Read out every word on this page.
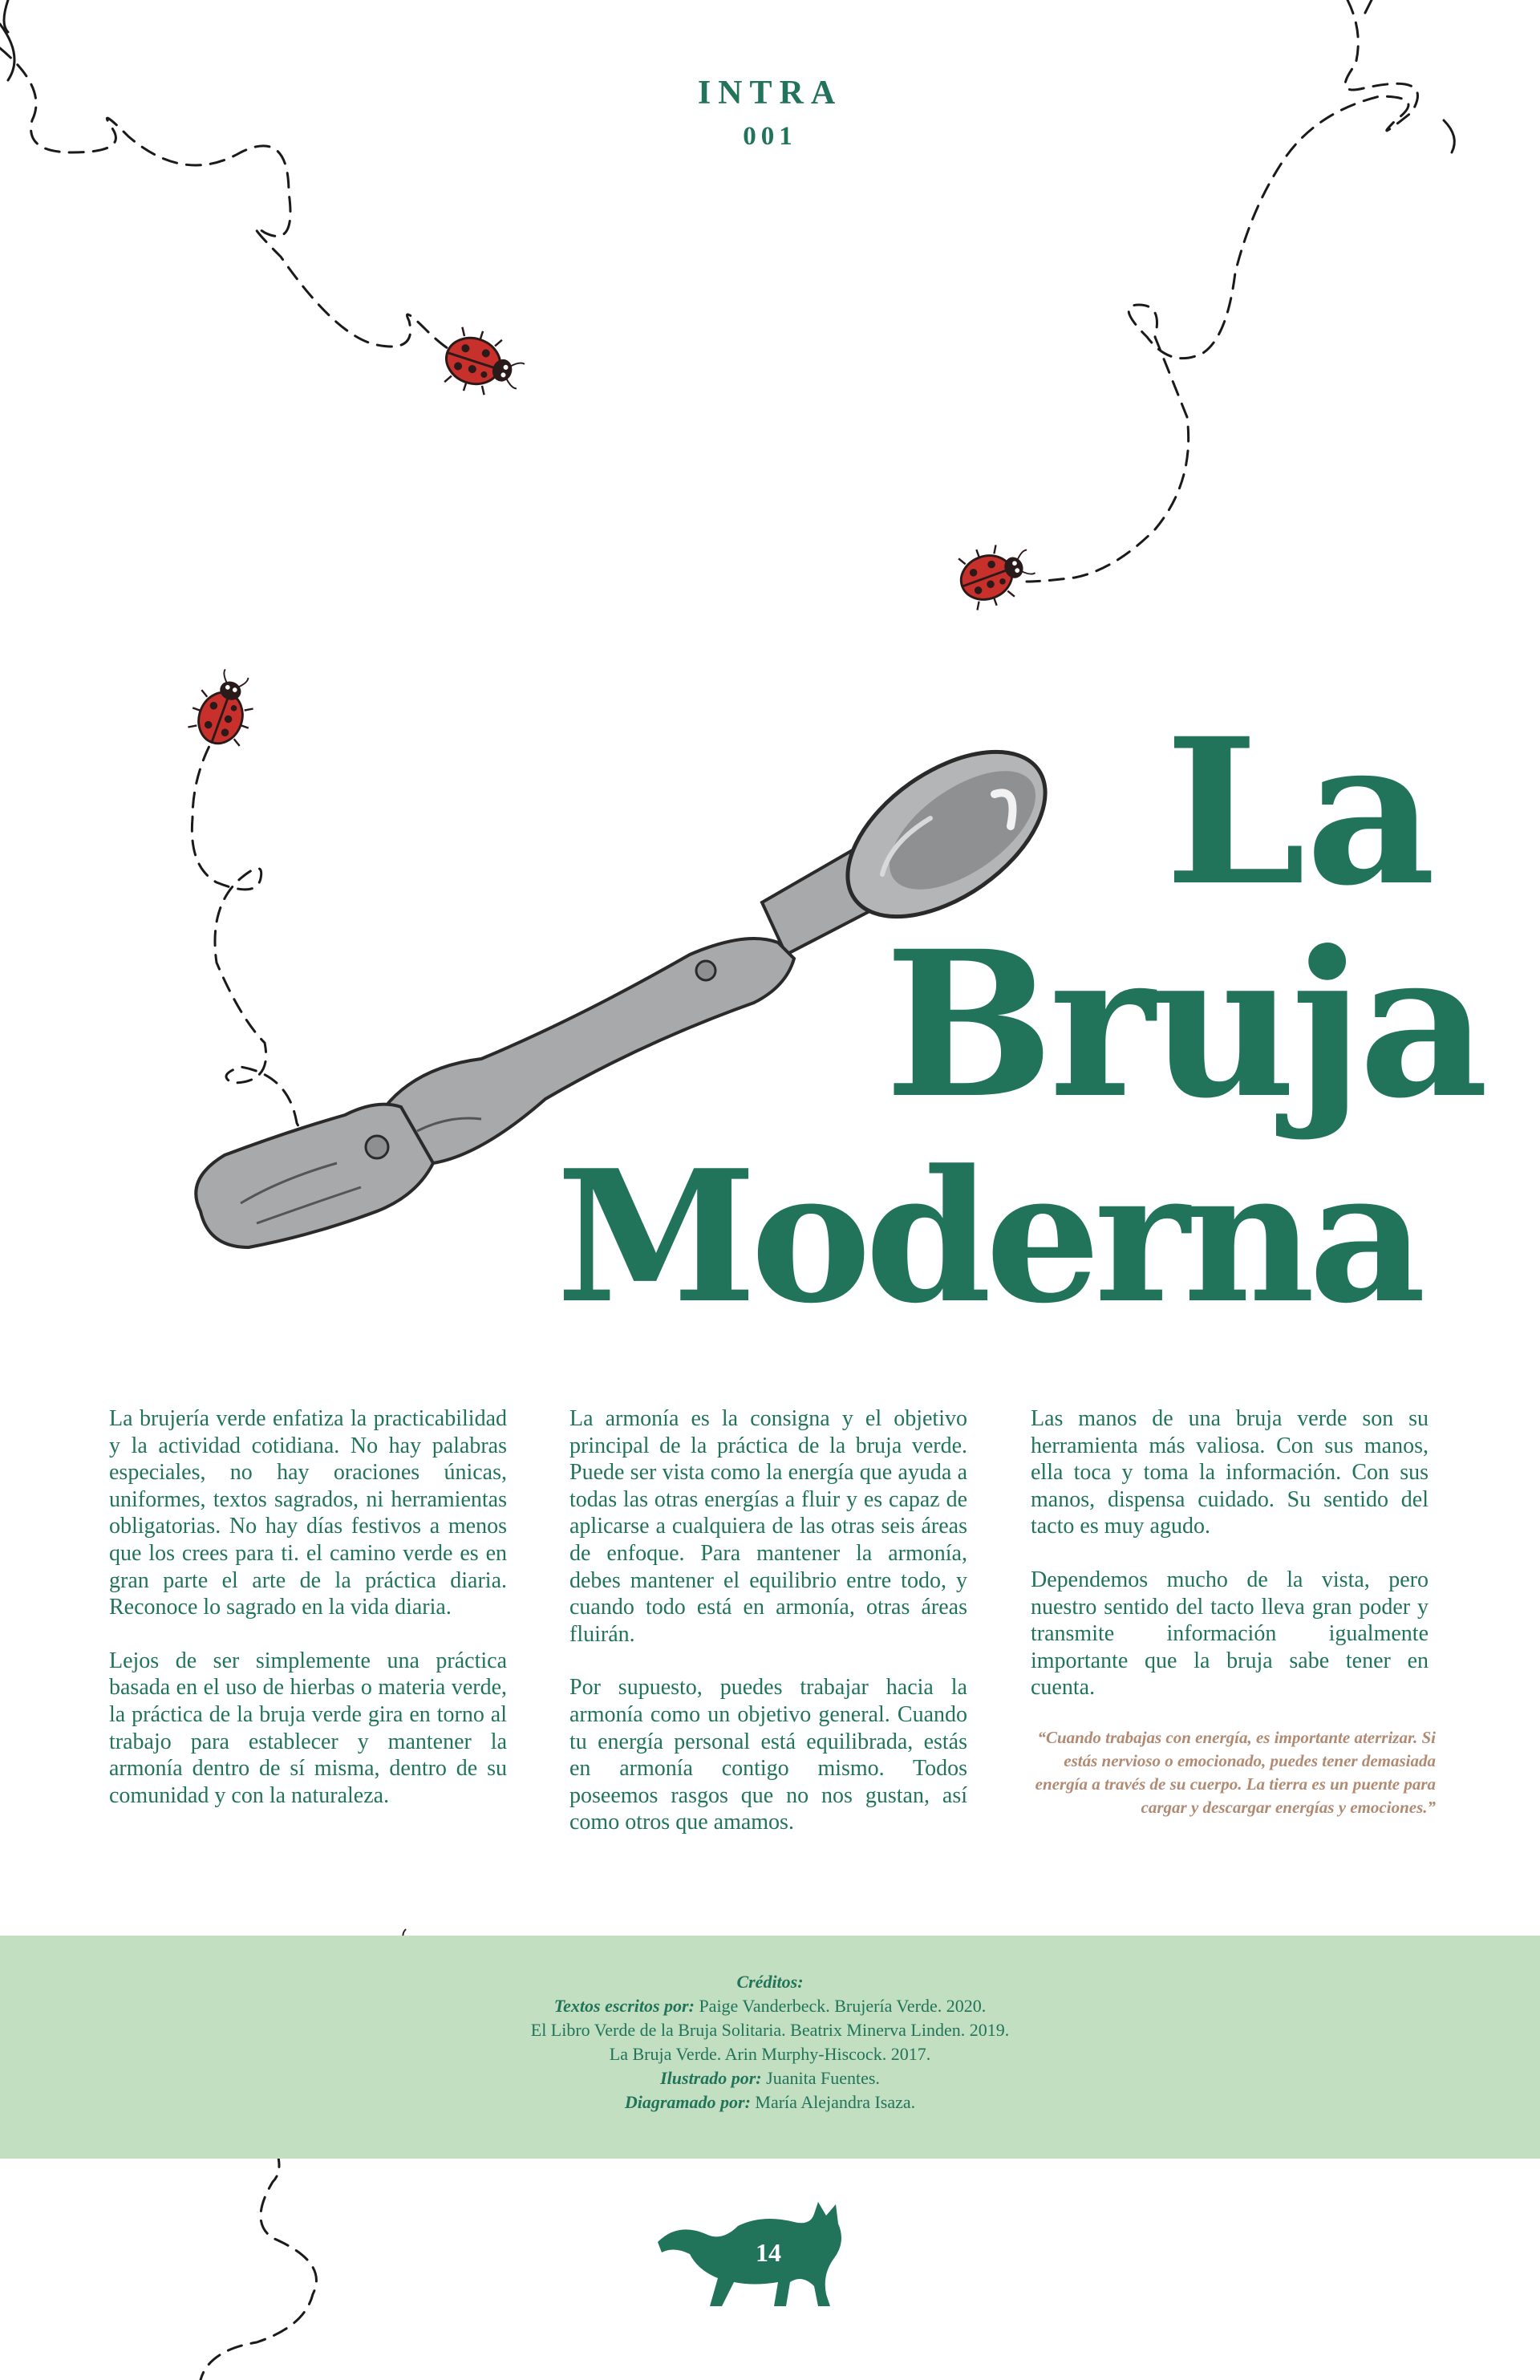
INTRA
001
La
Bruja
Moderna

La brujería verde enfatiza la practicabilidad y la actividad cotidiana. No hay palabras especiales, no hay oraciones únicas, uniformes, textos sagrados, ni herramientas obligatorias. No hay días festivos a menos que los crees para ti. el camino verde es en gran parte el arte de la práctica diaria. Reconoce lo sagrado en la vida diaria.

Lejos de ser simplemente una práctica basada en el uso de hierbas o materia verde, la práctica de la bruja verde gira en torno al trabajo para establecer y mantener la armonía dentro de sí misma, dentro de su comunidad y con la naturaleza.

La armonía es la consigna y el objetivo principal de la práctica de la bruja verde. Puede ser vista como la energía que ayuda a todas las otras energías a fluir y es capaz de aplicarse a cualquiera de las otras seis áreas de enfoque. Para mantener la armonía, debes mantener el equilibrio entre todo, y cuando todo está en armonía, otras áreas fluirán.

Por supuesto, puedes trabajar hacia la armonía como un objetivo general. Cuando tu energía personal está equilibrada, estás en armonía contigo mismo. Todos poseemos rasgos que no nos gustan, así como otros que amamos.

Las manos de una bruja verde son su herramienta más valiosa. Con sus manos, ella toca y toma la información. Con sus manos, dispensa cuidado. Su sentido del tacto es muy agudo.

Dependemos mucho de la vista, pero nuestro sentido del tacto lleva gran poder y transmite información igualmente importante que la bruja sabe tener en cuenta.

“Cuando trabajas con energía, es importante aterrizar. Si estás nervioso o emocionado, puedes tener demasiada energía a través de su cuerpo. La tierra es un puente para cargar y descargar energías y emociones.”
Créditos:
Textos escritos por: Paige Vanderbeck. Brujería Verde. 2020.
El Libro Verde de la Bruja Solitaria. Beatrix Minerva Linden. 2019.
La Bruja Verde. Arin Murphy-Hiscock. 2017.
Ilustrado por: Juanita Fuentes.
Diagramado por: María Alejandra Isaza.
14
